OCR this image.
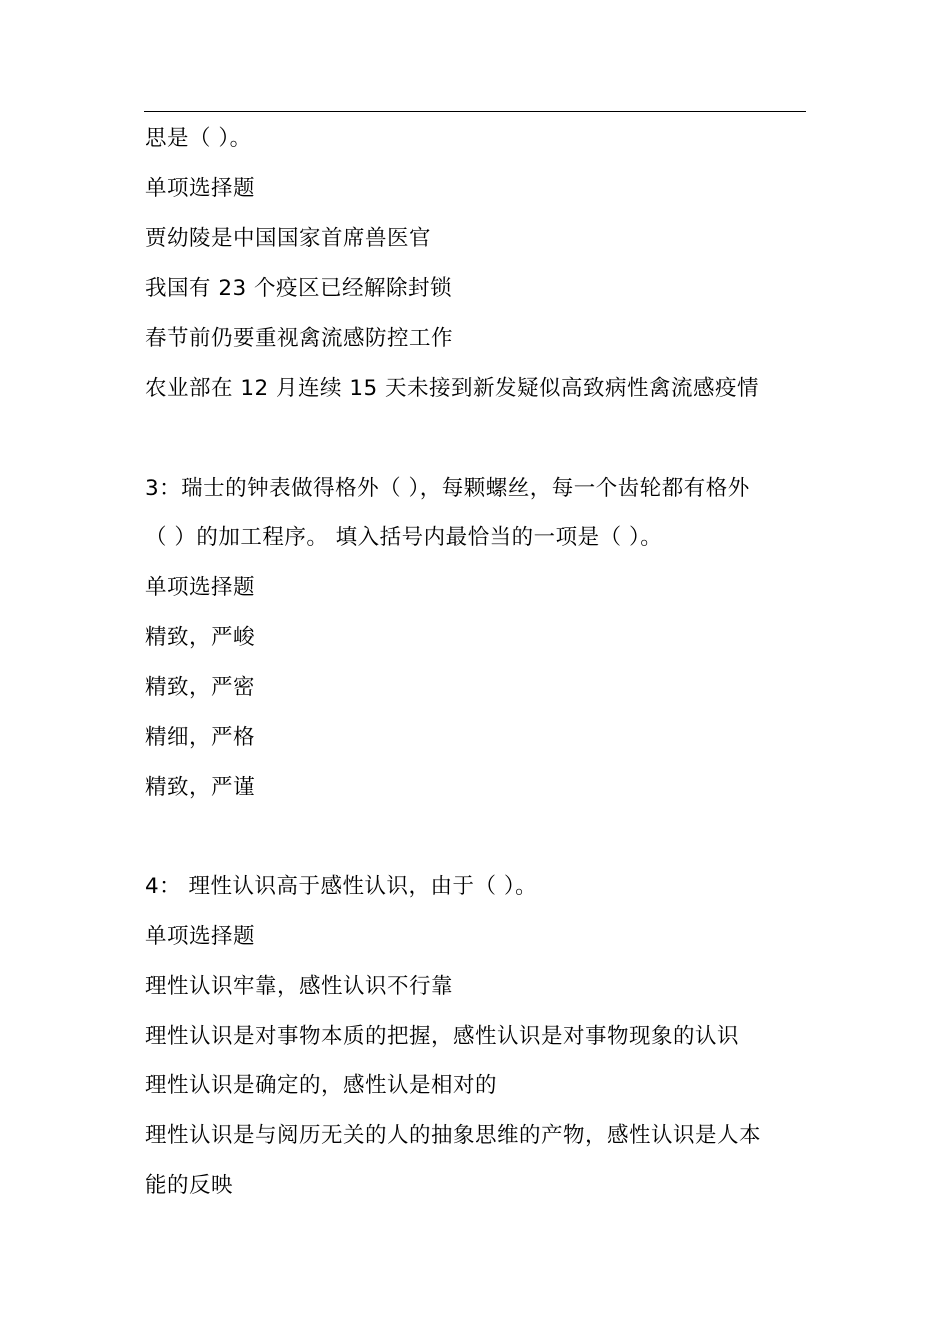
思是（ ）。
单项选择题
贾幼陵是中国国家首席兽医官
我国有 23 个疫区已经解除封锁
春节前仍要重视禽流感防控工作
农业部在 12 月连续 15 天未接到新发疑似高致病性禽流感疫情
3：瑞士的钟表做得格外（ ），每颗螺丝，每一个齿轮都有格外
（ ）的加工程序。 填入括号内最恰当的一项是（ ）。
单项选择题
精致，严峻
精致，严密
精细，严格
精致，严谨
4： 理性认识高于感性认识，由于（ ）。
单项选择题
理性认识牢靠，感性认识不行靠
理性认识是对事物本质的把握，感性认识是对事物现象的认识
理性认识是确定的，感性认是相对的
理性认识是与阅历无关的人的抽象思维的产物，感性认识是人本
能的反映
